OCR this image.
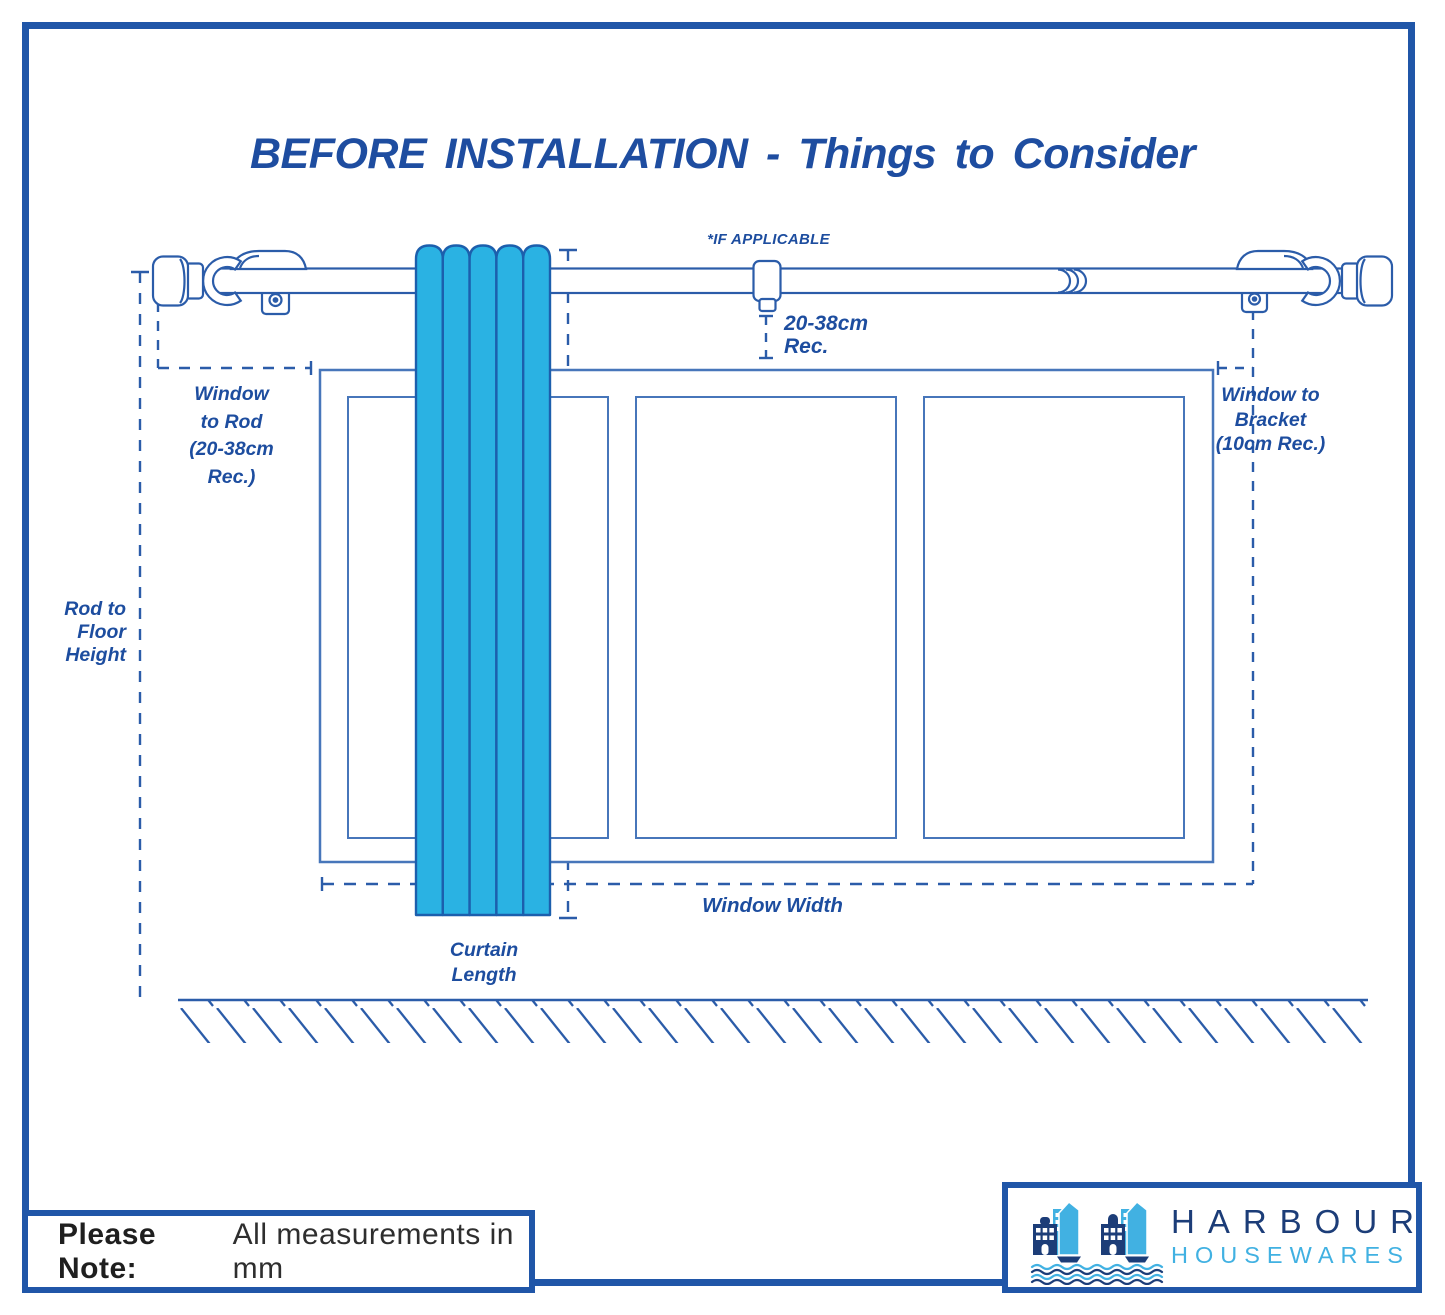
BEFORE INSTALLATION - Things to Consider
*IF APPLICABLE
20-38cm
Rec.
Window
to Rod
(20-38cm
Rec.)
Window to
Bracket
(10cm Rec.)
Rod to
Floor
Height
Window Width
Curtain
Length
Please Note:
All measurements in mm
HARBOUR
HOUSEWARES
